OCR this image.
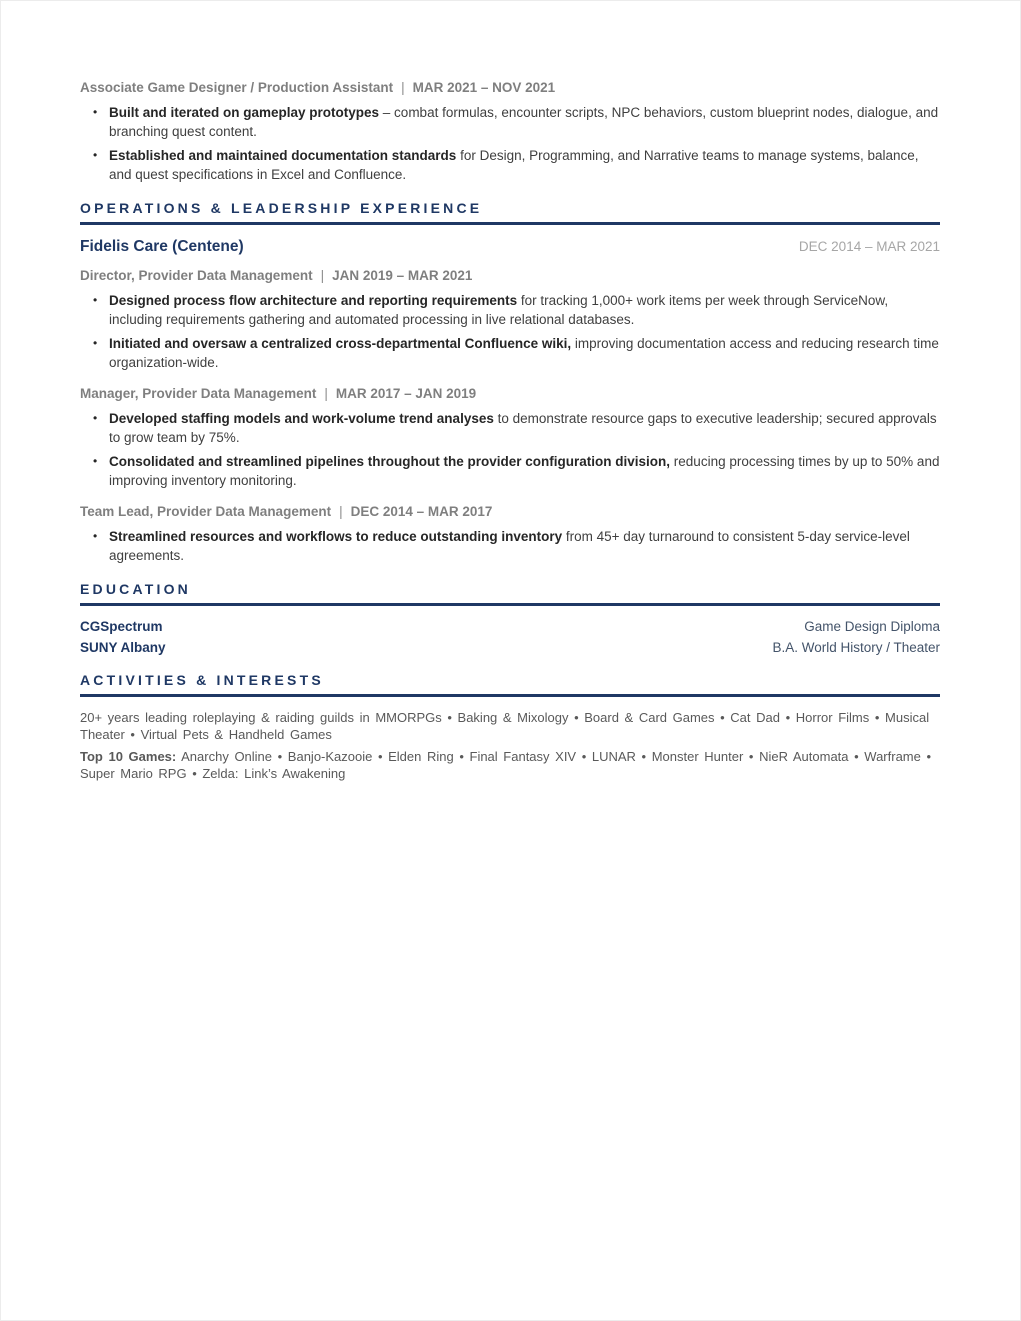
Associate Game Designer / Production Assistant | MAR 2021 – NOV 2021

• Built and iterated on gameplay prototypes – combat formulas, encounter scripts, NPC behaviors, custom blueprint nodes, dialogue, and branching quest content.
• Established and maintained documentation standards for Design, Programming, and Narrative teams to manage systems, balance, and quest specifications in Excel and Confluence.
OPERATIONS & LEADERSHIP EXPERIENCE
Fidelis Care (Centene)	DEC 2014 – MAR 2021

Director, Provider Data Management | JAN 2019 – MAR 2021

• Designed process flow architecture and reporting requirements for tracking 1,000+ work items per week through ServiceNow, including requirements gathering and automated processing in live relational databases.
• Initiated and oversaw a centralized cross-departmental Confluence wiki, improving documentation access and reducing research time organization-wide.

Manager, Provider Data Management | MAR 2017 – JAN 2019

• Developed staffing models and work-volume trend analyses to demonstrate resource gaps to executive leadership; secured approvals to grow team by 75%.
• Consolidated and streamlined pipelines throughout the provider configuration division, reducing processing times by up to 50% and improving inventory monitoring.

Team Lead, Provider Data Management | DEC 2014 – MAR 2017

• Streamlined resources and workflows to reduce outstanding inventory from 45+ day turnaround to consistent 5-day service-level agreements.
EDUCATION
CGSpectrum	Game Design Diploma
SUNY Albany	B.A. World History / Theater
ACTIVITIES & INTERESTS

20+ years leading roleplaying & raiding guilds in MMORPGs • Baking & Mixology • Board & Card Games • Cat Dad • Horror Films • Musical Theater • Virtual Pets & Handheld Games

Top 10 Games: Anarchy Online • Banjo-Kazooie • Elden Ring • Final Fantasy XIV • LUNAR • Monster Hunter • NieR Automata • Warframe • Super Mario RPG • Zelda: Link’s Awakening
